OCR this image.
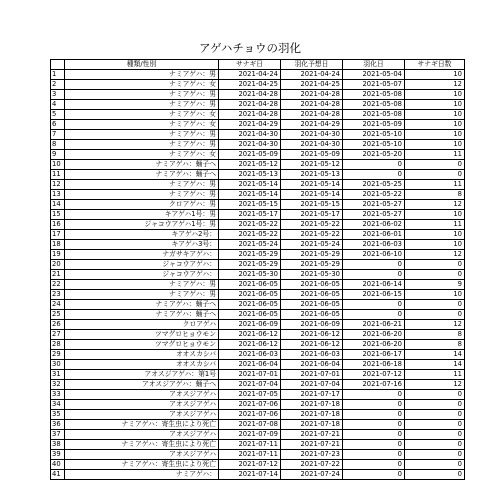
アゲハチョウの羽化
	種類/性別	サナギ日	羽化予想日	羽化日	サナギ日数
1	ナミアゲハ：男	2021-04-24	2021-04-24	2021-05-04	10
2	ナミアゲハ：女	2021-04-25	2021-04-25	2021-05-07	12
3	ナミアゲハ：男	2021-04-28	2021-04-28	2021-05-08	10
4	ナミアゲハ：男	2021-04-28	2021-04-28	2021-05-08	10
5	ナミアゲハ：女	2021-04-28	2021-04-28	2021-05-08	10
6	ナミアゲハ：女	2021-04-29	2021-04-29	2021-05-09	10
7	ナミアゲハ：男	2021-04-30	2021-04-30	2021-05-10	10
8	ナミアゲハ：男	2021-04-30	2021-04-30	2021-05-10	10
9	ナミアゲハ：女	2021-05-09	2021-05-09	2021-05-20	11
10	ナミアゲハ：蛹子へ	2021-05-12	2021-05-12	0	0
11	ナミアゲハ：蛹子へ	2021-05-13	2021-05-13	0	0
12	ナミアゲハ：男	2021-05-14	2021-05-14	2021-05-25	11
13	ナミアゲハ：男	2021-05-14	2021-05-14	2021-05-22	8
14	クロアゲハ：男	2021-05-15	2021-05-15	2021-05-27	12
15	キアゲハ1号：男	2021-05-17	2021-05-17	2021-05-27	10
16	ジャコウアゲハ1号：男	2021-05-22	2021-05-22	2021-06-02	11
17	キアゲハ2号：	2021-05-22	2021-05-22	2021-06-01	10
18	キアゲハ3号：	2021-05-24	2021-05-24	2021-06-03	10
19	ナガサキアゲハ：	2021-05-29	2021-05-29	2021-06-10	12
20	ジャコウアゲハ：	2021-05-29	2021-05-29	0	0
21	ジャコウアゲハ：	2021-05-30	2021-05-30	0	0
22	ナミアゲハ：男	2021-06-05	2021-06-05	2021-06-14	9
23	ナミアゲハ：男	2021-06-05	2021-06-05	2021-06-15	10
24	ナミアゲハ：蛹子へ	2021-06-05	2021-06-05	0	0
25	ナミアゲハ：蛹子へ	2021-06-05	2021-06-05	0	0
26	クロアゲハ	2021-06-09	2021-06-09	2021-06-21	12
27	ツマグロヒョウモン	2021-06-12	2021-06-12	2021-06-20	8
28	ツマグロヒョウモン	2021-06-12	2021-06-12	2021-06-20	8
29	オオスカシバ	2021-06-03	2021-06-03	2021-06-17	14
30	オオスカシバ	2021-06-04	2021-06-04	2021-06-18	14
31	アオスジアゲハ：第1号	2021-07-01	2021-07-01	2021-07-12	11
32	アオスジアゲハ：蛹子へ	2021-07-04	2021-07-04	2021-07-16	12
33	アオスジアゲハ	2021-07-05	2021-07-17	0	0
34	アオスジアゲハ	2021-07-06	2021-07-18	0	0
35	アオスジアゲハ	2021-07-06	2021-07-18	0	0
36	ナミアゲハ：寄生虫により死亡	2021-07-08	2021-07-18	0	0
37	アオスジアゲハ	2021-07-09	2021-07-21	0	0
38	ナミアゲハ：寄生虫により死亡	2021-07-11	2021-07-21	0	0
39	アオスジアゲハ	2021-07-11	2021-07-23	0	0
40	ナミアゲハ：寄生虫により死亡	2021-07-12	2021-07-22	0	0
41	ナミアゲハ：	2021-07-14	2021-07-24	0	0
